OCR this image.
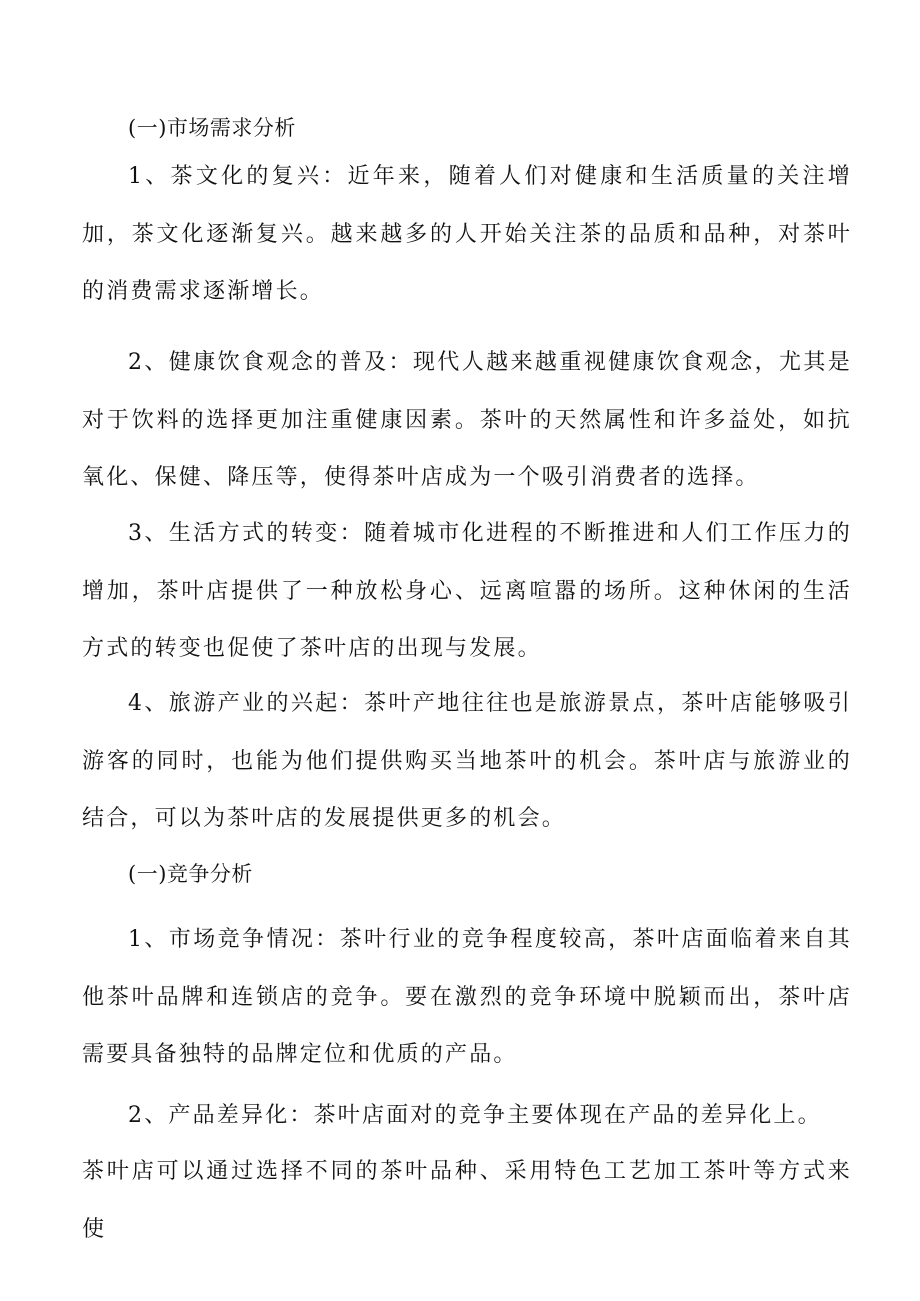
(一)市场需求分析

1、茶文化的复兴：近年来，随着人们对健康和生活质量的关注增加，茶文化逐渐复兴。越来越多的人开始关注茶的品质和品种，对茶叶的消费需求逐渐增长。

2、健康饮食观念的普及：现代人越来越重视健康饮食观念，尤其是对于饮料的选择更加注重健康因素。茶叶的天然属性和许多益处，如抗氧化、保健、降压等，使得茶叶店成为一个吸引消费者的选择。

3、生活方式的转变：随着城市化进程的不断推进和人们工作压力的增加，茶叶店提供了一种放松身心、远离喧嚣的场所。这种休闲的生活方式的转变也促使了茶叶店的出现与发展。

4、旅游产业的兴起：茶叶产地往往也是旅游景点，茶叶店能够吸引游客的同时，也能为他们提供购买当地茶叶的机会。茶叶店与旅游业的结合，可以为茶叶店的发展提供更多的机会。

(一)竞争分析

1、市场竞争情况：茶叶行业的竞争程度较高，茶叶店面临着来自其他茶叶品牌和连锁店的竞争。要在激烈的竞争环境中脱颖而出，茶叶店需要具备独特的品牌定位和优质的产品。

2、产品差异化：茶叶店面对的竞争主要体现在产品的差异化上。

茶叶店可以通过选择不同的茶叶品种、采用特色工艺加工茶叶等方式来使
